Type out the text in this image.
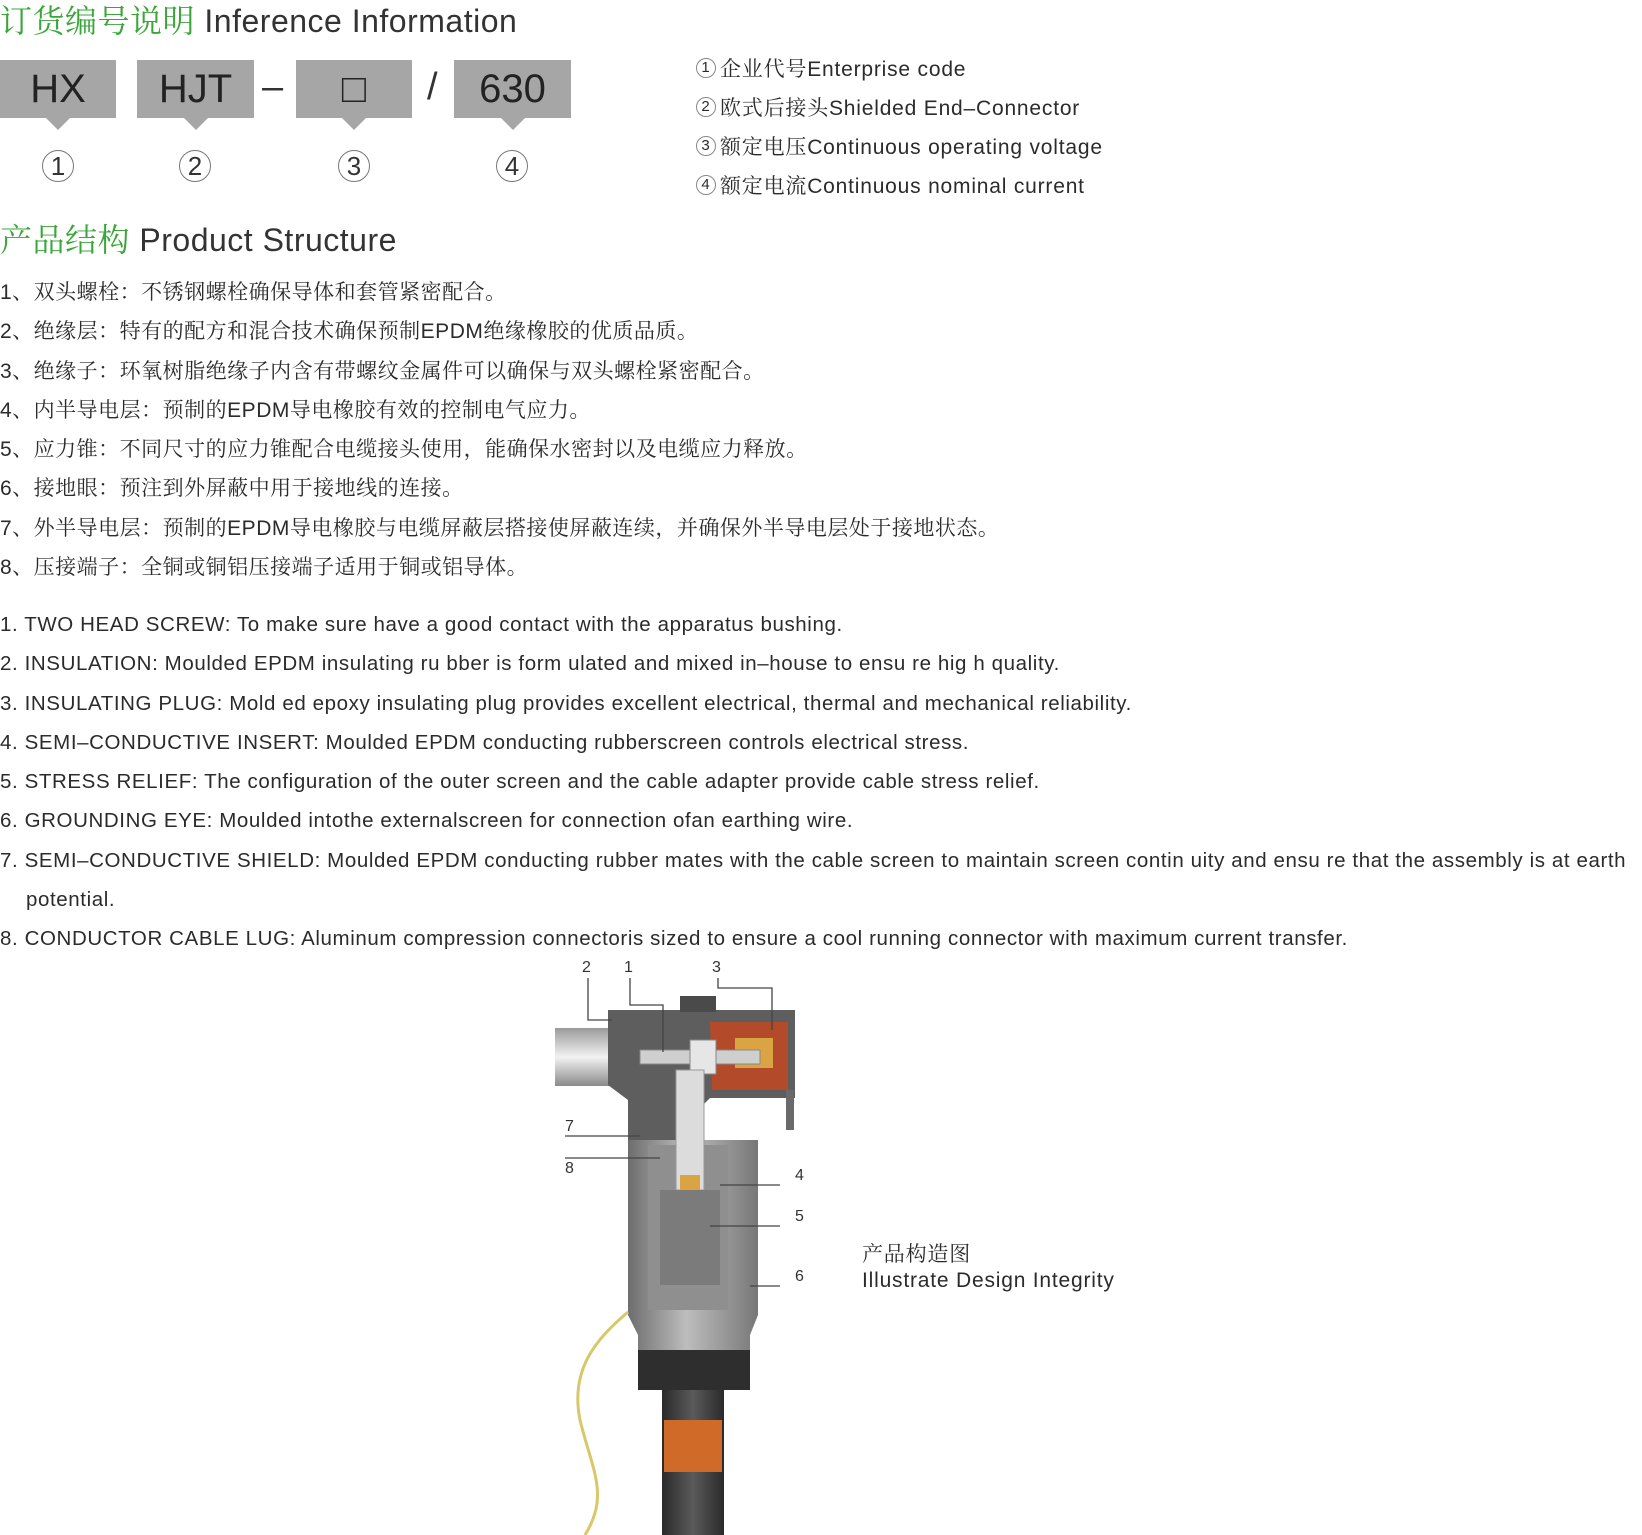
订货编号说明 Inference Information
HX HJT – □ / 630
1	2	3	4
1 企业代号Enterprise code
2 欧式后接头Shielded End–Connector
3 额定电压Continuous operating voltage
4 额定电流Continuous nominal current
产品结构 Product Structure
1、双头螺栓：不锈钢螺栓确保导体和套管紧密配合。
2、绝缘层：特有的配方和混合技术确保预制EPDM绝缘橡胶的优质品质。
3、绝缘子：环氧树脂绝缘子内含有带螺纹金属件可以确保与双头螺栓紧密配合。
4、内半导电层：预制的EPDM导电橡胶有效的控制电气应力。
5、应力锥：不同尺寸的应力锥配合电缆接头使用，能确保水密封以及电缆应力释放。
6、接地眼：预注到外屏蔽中用于接地线的连接。
7、外半导电层：预制的EPDM导电橡胶与电缆屏蔽层搭接使屏蔽连续，并确保外半导电层处于接地状态。
8、压接端子：全铜或铜铝压接端子适用于铜或铝导体。
1. TWO HEAD SCREW: To make sure have a good contact with the apparatus bushing.
2. INSULATION: Moulded EPDM insulating ru bber is form ulated and mixed in–house to ensu re hig h quality.
3. INSULATING PLUG: Mold ed epoxy insulating plug provides excellent electrical, thermal and mechanical reliability.
4. SEMI–CONDUCTIVE INSERT: Moulded EPDM conducting rubberscreen controls electrical stress.
5. STRESS RELIEF: The configuration of the outer screen and the cable adapter provide cable stress relief.
6. GROUNDING EYE: Moulded intothe externalscreen for connection ofan earthing wire.
7. SEMI–CONDUCTIVE SHIELD: Moulded EPDM conducting rubber mates with the cable screen to maintain screen contin uity and ensu re that the assembly is at earth potential.
8. CONDUCTOR CABLE LUG: Aluminum compression connectoris sized to ensure a cool running connector with maximum current transfer.
2 1	3
7
8	4
5
6
产品构造图
Illustrate Design Integrity
